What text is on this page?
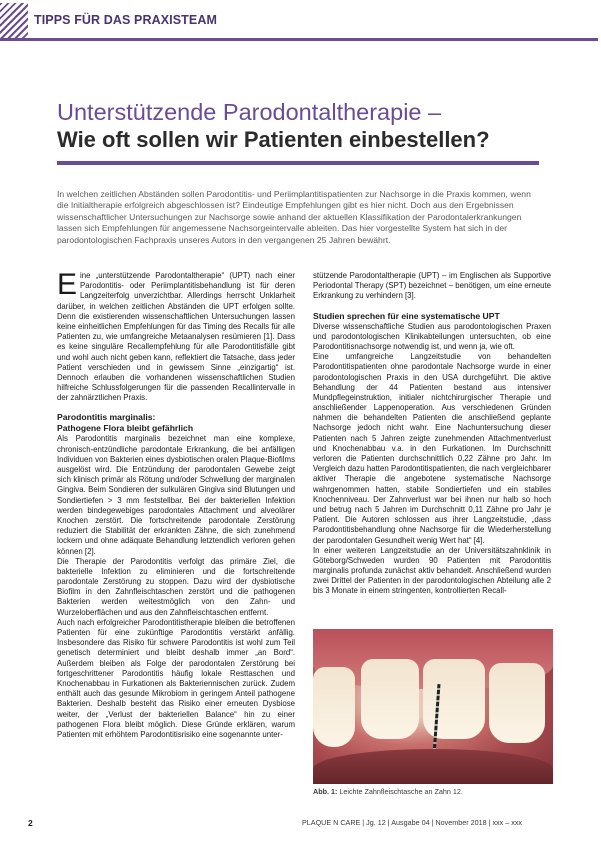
TIPPS FÜR DAS PRAXISTEAM
Unterstützende Parodontaltherapie –
Wie oft sollen wir Patienten einbestellen?
In welchen zeitlichen Abständen sollen Parodontitis- und Periimplantitispatienten zur Nachsorge in die Praxis kommen, wenn die Initialtherapie erfolgreich abgeschlossen ist? Eindeutige Empfehlungen gibt es hier nicht. Doch aus den Ergebnissen wissenschaftlicher Untersuchungen zur Nachsorge sowie anhand der aktuellen Klassifikation der Parodontalerkrankungen lassen sich Empfehlungen für angemessene Nachsorgeintervalle ableiten. Das hier vorgestellte System hat sich in der parodontologischen Fachpraxis unseres Autors in den vergangenen 25 Jahren bewährt.

Eine „unterstützende Parodontaltherapie“ (UPT) nach einer Parodontitis- oder Periimplantitisbehandlung ist für deren Langzeiterfolg unverzichtbar. Allerdings herrscht Unklarheit darüber, in welchen zeitlichen Abständen die UPT erfolgen sollte. Denn die existierenden wissenschaftlichen Untersuchungen lassen keine einheitlichen Empfehlungen für das Timing des Recalls für alle Patienten zu, wie umfangreiche Metaanalysen resümieren [1]. Dass es keine singuläre Recallempfehlung für alle Parodontitisfälle gibt und wohl auch nicht geben kann, reflektiert die Tatsache, dass jeder Patient verschieden und in gewissem Sinne „einzigartig“ ist. Dennoch erlauben die vorhandenen wissenschaftlichen Studien hilfreiche Schlussfolgerungen für die passenden Recallintervalle in der zahnärztlichen Praxis.

Parodontitis marginalis:
Pathogene Flora bleibt gefährlich

Als Parodontitis marginalis bezeichnet man eine komplexe, chronisch-entzündliche parodontale Erkrankung, die bei anfälligen Individuen von Bakterien eines dysbiotischen oralen Plaque-Biofilms ausgelöst wird. Die Entzündung der parodontalen Gewebe zeigt sich klinisch primär als Rötung und/oder Schwellung der marginalen Gingiva. Beim Sondieren der sulkulären Gingiva sind Blutungen und Sondiertiefen > 3 mm feststellbar. Bei der bakteriellen Infektion werden bindegewebiges parodontales Attachment und alveolärer Knochen zerstört. Die fortschreitende parodontale Zerstörung reduziert die Stabilität der erkrankten Zähne, die sich zunehmend lockern und ohne adäquate Behandlung letztendlich verloren gehen können [2].

Die Therapie der Parodontitis verfolgt das primäre Ziel, die bakterielle Infektion zu eliminieren und die fortschreitende parodontale Zerstörung zu stoppen. Dazu wird der dysbiotische Biofilm in den Zahnfleischtaschen zerstört und die pathogenen Bakterien werden weitestmöglich von den Zahn- und Wurzeloberflächen und aus den Zahnfleischtaschen entfernt.

Auch nach erfolgreicher Parodontitistherapie bleiben die betroffenen Patienten für eine zukünftige Parodontitis verstärkt anfällig. Insbesondere das Risiko für schwere Parodontitis ist wohl zum Teil genetisch determiniert und bleibt deshalb immer „an Bord“. Außerdem bleiben als Folge der parodontalen Zerstörung bei fortgeschrittener Parodontitis häufig lokale Resttaschen und Knochenabbau in Furkationen als Bakteriennischen zurück. Zudem enthält auch das gesunde Mikrobiom in geringem Anteil pathogene Bakterien. Deshalb besteht das Risiko einer erneuten Dysbiose weiter, der „Verlust der bakteriellen Balance“ hin zu einer pathogenen Flora bleibt möglich. Diese Gründe erklären, warum Patienten mit erhöhtem Parodontitisrisiko eine sogenannte unter-

stützende Parodontaltherapie (UPT) – im Englischen als Supportive Periodontal Therapy (SPT) bezeichnet – benötigen, um eine erneute Erkrankung zu verhindern [3].

Studien sprechen für eine systematische UPT

Diverse wissenschaftliche Studien aus parodontologischen Praxen und parodontologischen Klinikabteilungen untersuchten, ob eine Parodontitisnachsorge notwendig ist, und wenn ja, wie oft.

Eine umfangreiche Langzeitstudie von behandelten Parodontitispatienten ohne parodontale Nachsorge wurde in einer parodontologischen Praxis in den USA durchgeführt. Die aktive Behandlung der 44 Patienten bestand aus intensiver Mundpflegeinstruktion, initialer nichtchirurgischer Therapie und anschließender Lappenoperation. Aus verschiedenen Gründen nahmen die behandelten Patienten die anschließend geplante Nachsorge jedoch nicht wahr. Eine Nachuntersuchung dieser Patienten nach 5 Jahren zeigte zunehmenden Attachmentverlust und Knochenabbau v.a. in den Furkationen. Im Durchschnitt verloren die Patienten durchschnittlich 0,22 Zähne pro Jahr. Im Vergleich dazu hatten Parodontitispatienten, die nach vergleichbarer aktiver Therapie die angebotene systematische Nachsorge wahrgenommen hatten, stabile Sondiertiefen und ein stabiles Knochenniveau. Der Zahnverlust war bei ihnen nur halb so hoch und betrug nach 5 Jahren im Durchschnitt 0,11 Zähne pro Jahr je Patient. Die Autoren schlossen aus ihrer Langzeitstudie, „dass Parodontitisbehandlung ohne Nachsorge für die Wiederherstellung der parodontalen Gesundheit wenig Wert hat“ [4].

In einer weiteren Langzeitstudie an der Universitätszahnklinik in Göteborg/Schweden wurden 90 Patienten mit Parodontitis marginalis profunda zunächst aktiv behandelt. Anschließend wurden zwei Drittel der Patienten in der parodontologischen Abteilung alle 2 bis 3 Monate in einem stringenten, kontrollierten Recall-

Abb. 1: Leichte Zahnfleischtasche an Zahn 12.
2	PLAQUE N CARE | Jg. 12 | Ausgabe 04 | November 2018 | xxx – xxx
